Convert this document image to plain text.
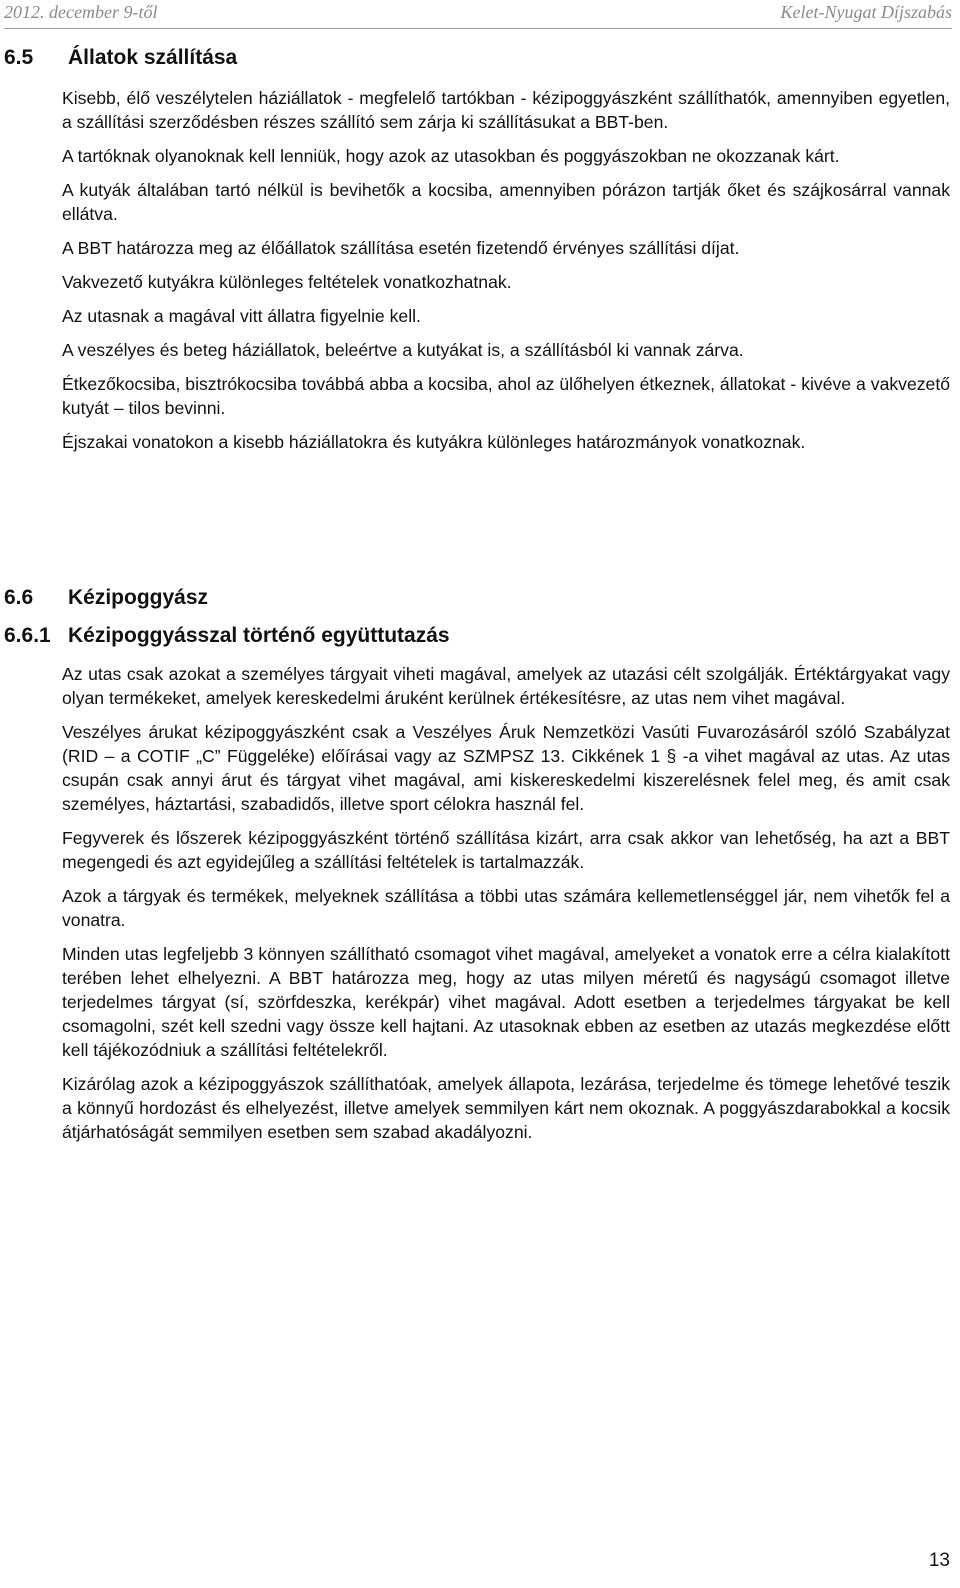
2012. december 9-től	Kelet-Nyugat Díjszabás
6.5 Állatok szállítása

Kisebb, élő veszélytelen háziállatok - megfelelő tartókban - kézipoggyászként szállíthatók, amennyiben egyetlen, a szállítási szerződésben részes szállító sem zárja ki szállításukat a BBT-ben.

A tartóknak olyanoknak kell lenniük, hogy azok az utasokban és poggyászokban ne okozzanak kárt.

A kutyák általában tartó nélkül is bevihetők a kocsiba, amennyiben pórázon tartják őket és szájkosárral vannak ellátva.

A BBT határozza meg az élőállatok szállítása esetén fizetendő érvényes szállítási díjat.

Vakvezető kutyákra különleges feltételek vonatkozhatnak.

Az utasnak a magával vitt állatra figyelnie kell.

A veszélyes és beteg háziállatok, beleértve a kutyákat is, a szállításból ki vannak zárva.

Étkezőkocsiba, bisztrókocsiba továbbá abba a kocsiba, ahol az ülőhelyen étkeznek, állatokat - kivéve a vakvezető kutyát – tilos bevinni.

Éjszakai vonatokon a kisebb háziállatokra és kutyákra különleges határozmányok vonatkoznak.

6.6 Kézipoggyász
6.6.1 Kézipoggyásszal történő együttutazás

Az utas csak azokat a személyes tárgyait viheti magával, amelyek az utazási célt szolgálják. Értéktárgyakat vagy olyan termékeket, amelyek kereskedelmi áruként kerülnek értékesítésre, az utas nem vihet magával.

Veszélyes árukat kézipoggyászként csak a Veszélyes Áruk Nemzetközi Vasúti Fuvarozásáról szóló Szabályzat (RID – a COTIF „C” Függeléke) előírásai vagy az SZMPSZ 13. Cikkének 1 § -a vihet magával az utas. Az utas csupán csak annyi árut és tárgyat vihet magával, ami kiskereskedelmi kiszerelésnek felel meg, és amit csak személyes, háztartási, szabadidős, illetve sport célokra használ fel.

Fegyverek és lőszerek kézipoggyászként történő szállítása kizárt, arra csak akkor van lehetőség, ha azt a BBT megengedi és azt egyidejűleg a szállítási feltételek is tartalmazzák.

Azok a tárgyak és termékek, melyeknek szállítása a többi utas számára kellemetlenséggel jár, nem vihetők fel a vonatra.

Minden utas legfeljebb 3 könnyen szállítható csomagot vihet magával, amelyeket a vonatok erre a célra kialakított terében lehet elhelyezni. A BBT határozza meg, hogy az utas milyen méretű és nagyságú csomagot illetve terjedelmes tárgyat (sí, szörfdeszka, kerékpár) vihet magával. Adott esetben a terjedelmes tárgyakat be kell csomagolni, szét kell szedni vagy össze kell hajtani. Az utasoknak ebben az esetben az utazás megkezdése előtt kell tájékozódniuk a szállítási feltételekről.

Kizárólag azok a kézipoggyászok szállíthatóak, amelyek állapota, lezárása, terjedelme és tömege lehetővé teszik a könnyű hordozást és elhelyezést, illetve amelyek semmilyen kárt nem okoznak. A poggyászdarabokkal a kocsik átjárhatóságát semmilyen esetben sem szabad akadályozni.

13
